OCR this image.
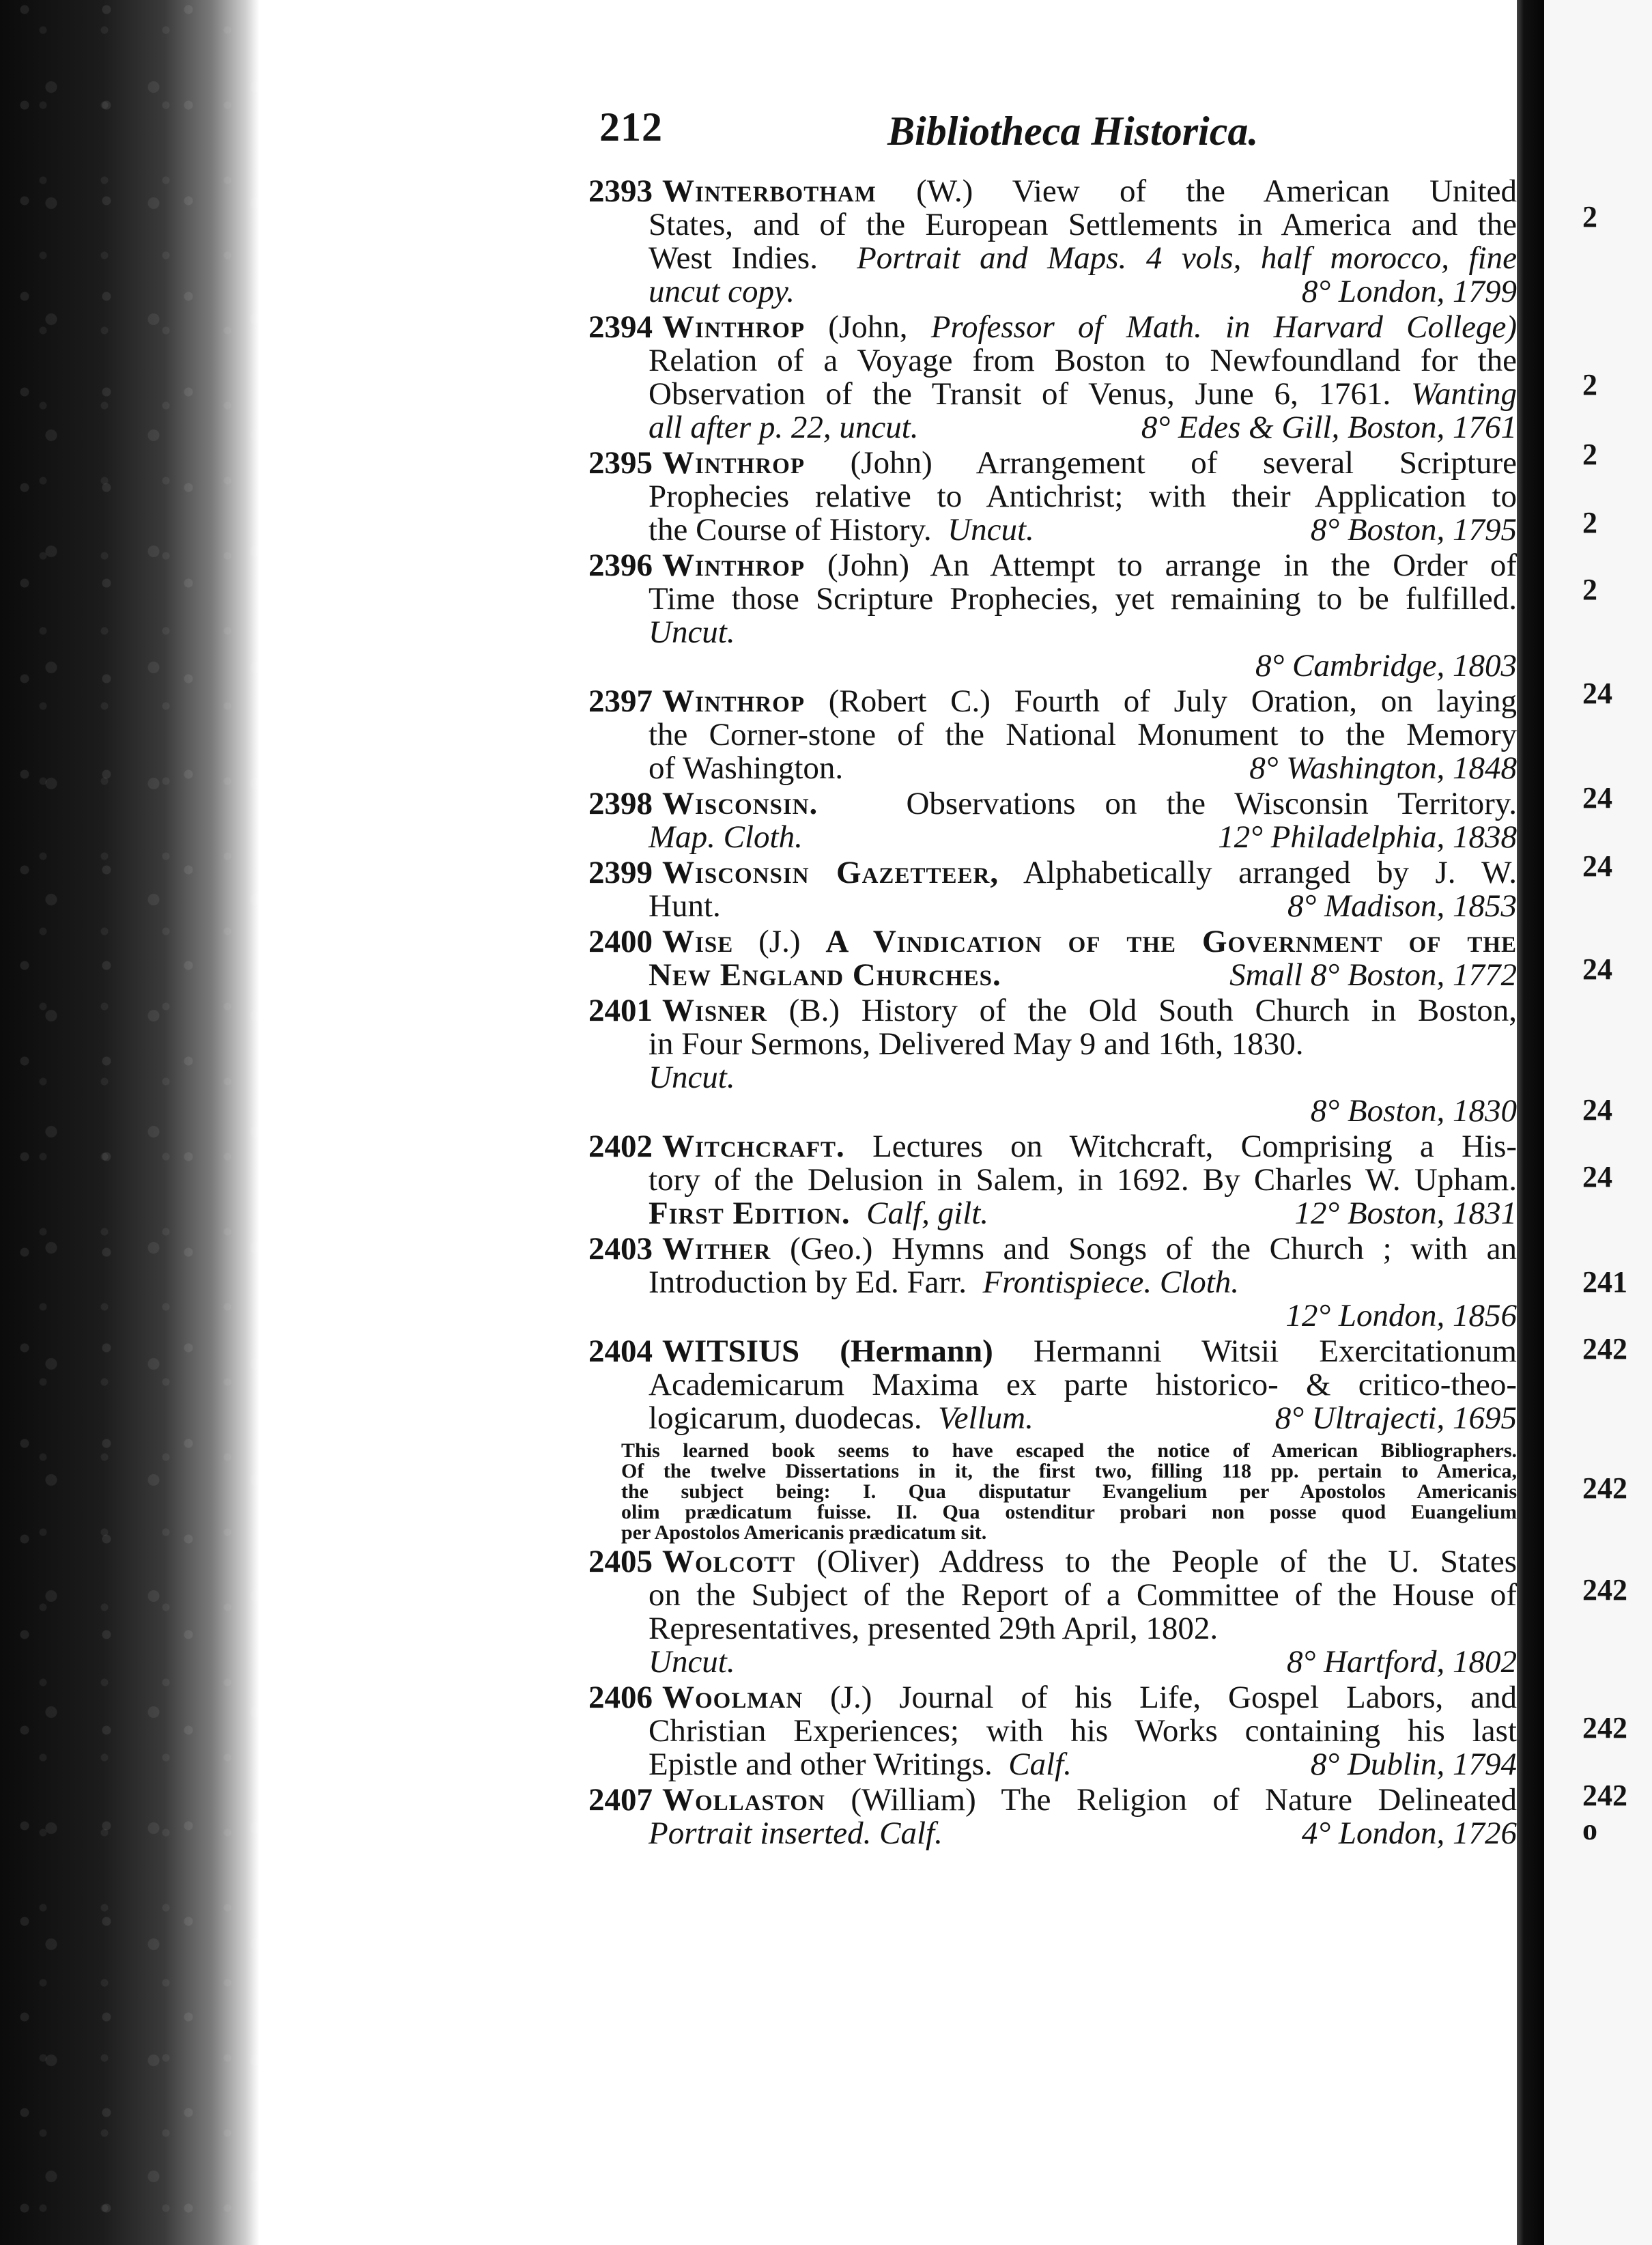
2
2
2
2
2
24
24
24
24
24
24
241
242
242
242
242
242
o
212	Bibliotheca Historica.
2393 Winterbotham (W.) View of the American United
States, and of the European Settlements in America and the
West Indies. Portrait and Maps. 4 vols, half morocco, fine
uncut copy.	8° London, 1799
2394 Winthrop (John, Professor of Math. in Harvard College)
Relation of a Voyage from Boston to Newfoundland for the
Observation of the Transit of Venus, June 6, 1761. Wanting
all after p. 22, uncut.	8° Edes & Gill, Boston, 1761
2395 Winthrop (John) Arrangement of several Scripture
Prophecies relative to Antichrist; with their Application to
the Course of History. Uncut.	8° Boston, 1795
2396 Winthrop (John) An Attempt to arrange in the Order of
Time those Scripture Prophecies, yet remaining to be fulfilled.
Uncut.
8° Cambridge, 1803
2397 Winthrop (Robert C.) Fourth of July Oration, on laying
the Corner-stone of the National Monument to the Memory
of Washington.	8° Washington, 1848
2398 Wisconsin.	Observations on the Wisconsin Territory.
Map. Cloth.	12° Philadelphia, 1838
2399 Wisconsin Gazetteer, Alphabetically arranged by J. W.
Hunt.	8° Madison, 1853
2400 Wise (J.) A Vindication of the Government of the
New England Churches.	Small 8° Boston, 1772
2401 Wisner (B.) History of the Old South Church in Boston,
in Four Sermons, Delivered May 9 and 16th, 1830.
Uncut.
8° Boston, 1830
2402 Witchcraft. Lectures on Witchcraft, Comprising a His-
tory of the Delusion in Salem, in 1692. By Charles W. Upham.
First Edition. Calf, gilt.	12° Boston, 1831
2403 Wither (Geo.) Hymns and Songs of the Church ; with an
Introduction by Ed. Farr. Frontispiece. Cloth.
12° London, 1856
2404 WITSIUS (Hermann) Hermanni Witsii Exercitationum
Academicarum Maxima ex parte historico- & critico-theo-
logicarum, duodecas. Vellum.	8° Ultrajecti, 1695
This learned book seems to have escaped the notice of American Bibliographers.
Of the twelve Dissertations in it, the first two, filling 118 pp. pertain to America,
the subject being: I. Qua disputatur Evangelium per Apostolos Americanis
olim prædicatum fuisse. II. Qua ostenditur probari non posse quod Euangelium
per Apostolos Americanis prædicatum sit.
2405 Wolcott (Oliver) Address to the People of the U. States
on the Subject of the Report of a Committee of the House of
Representatives, presented 29th April, 1802.
Uncut.	8° Hartford, 1802
2406 Woolman (J.) Journal of his Life, Gospel Labors, and
Christian Experiences; with his Works containing his last
Epistle and other Writings. Calf.	8° Dublin, 1794
2407 Wollaston (William) The Religion of Nature Delineated
Portrait inserted. Calf.	4° London, 1726
